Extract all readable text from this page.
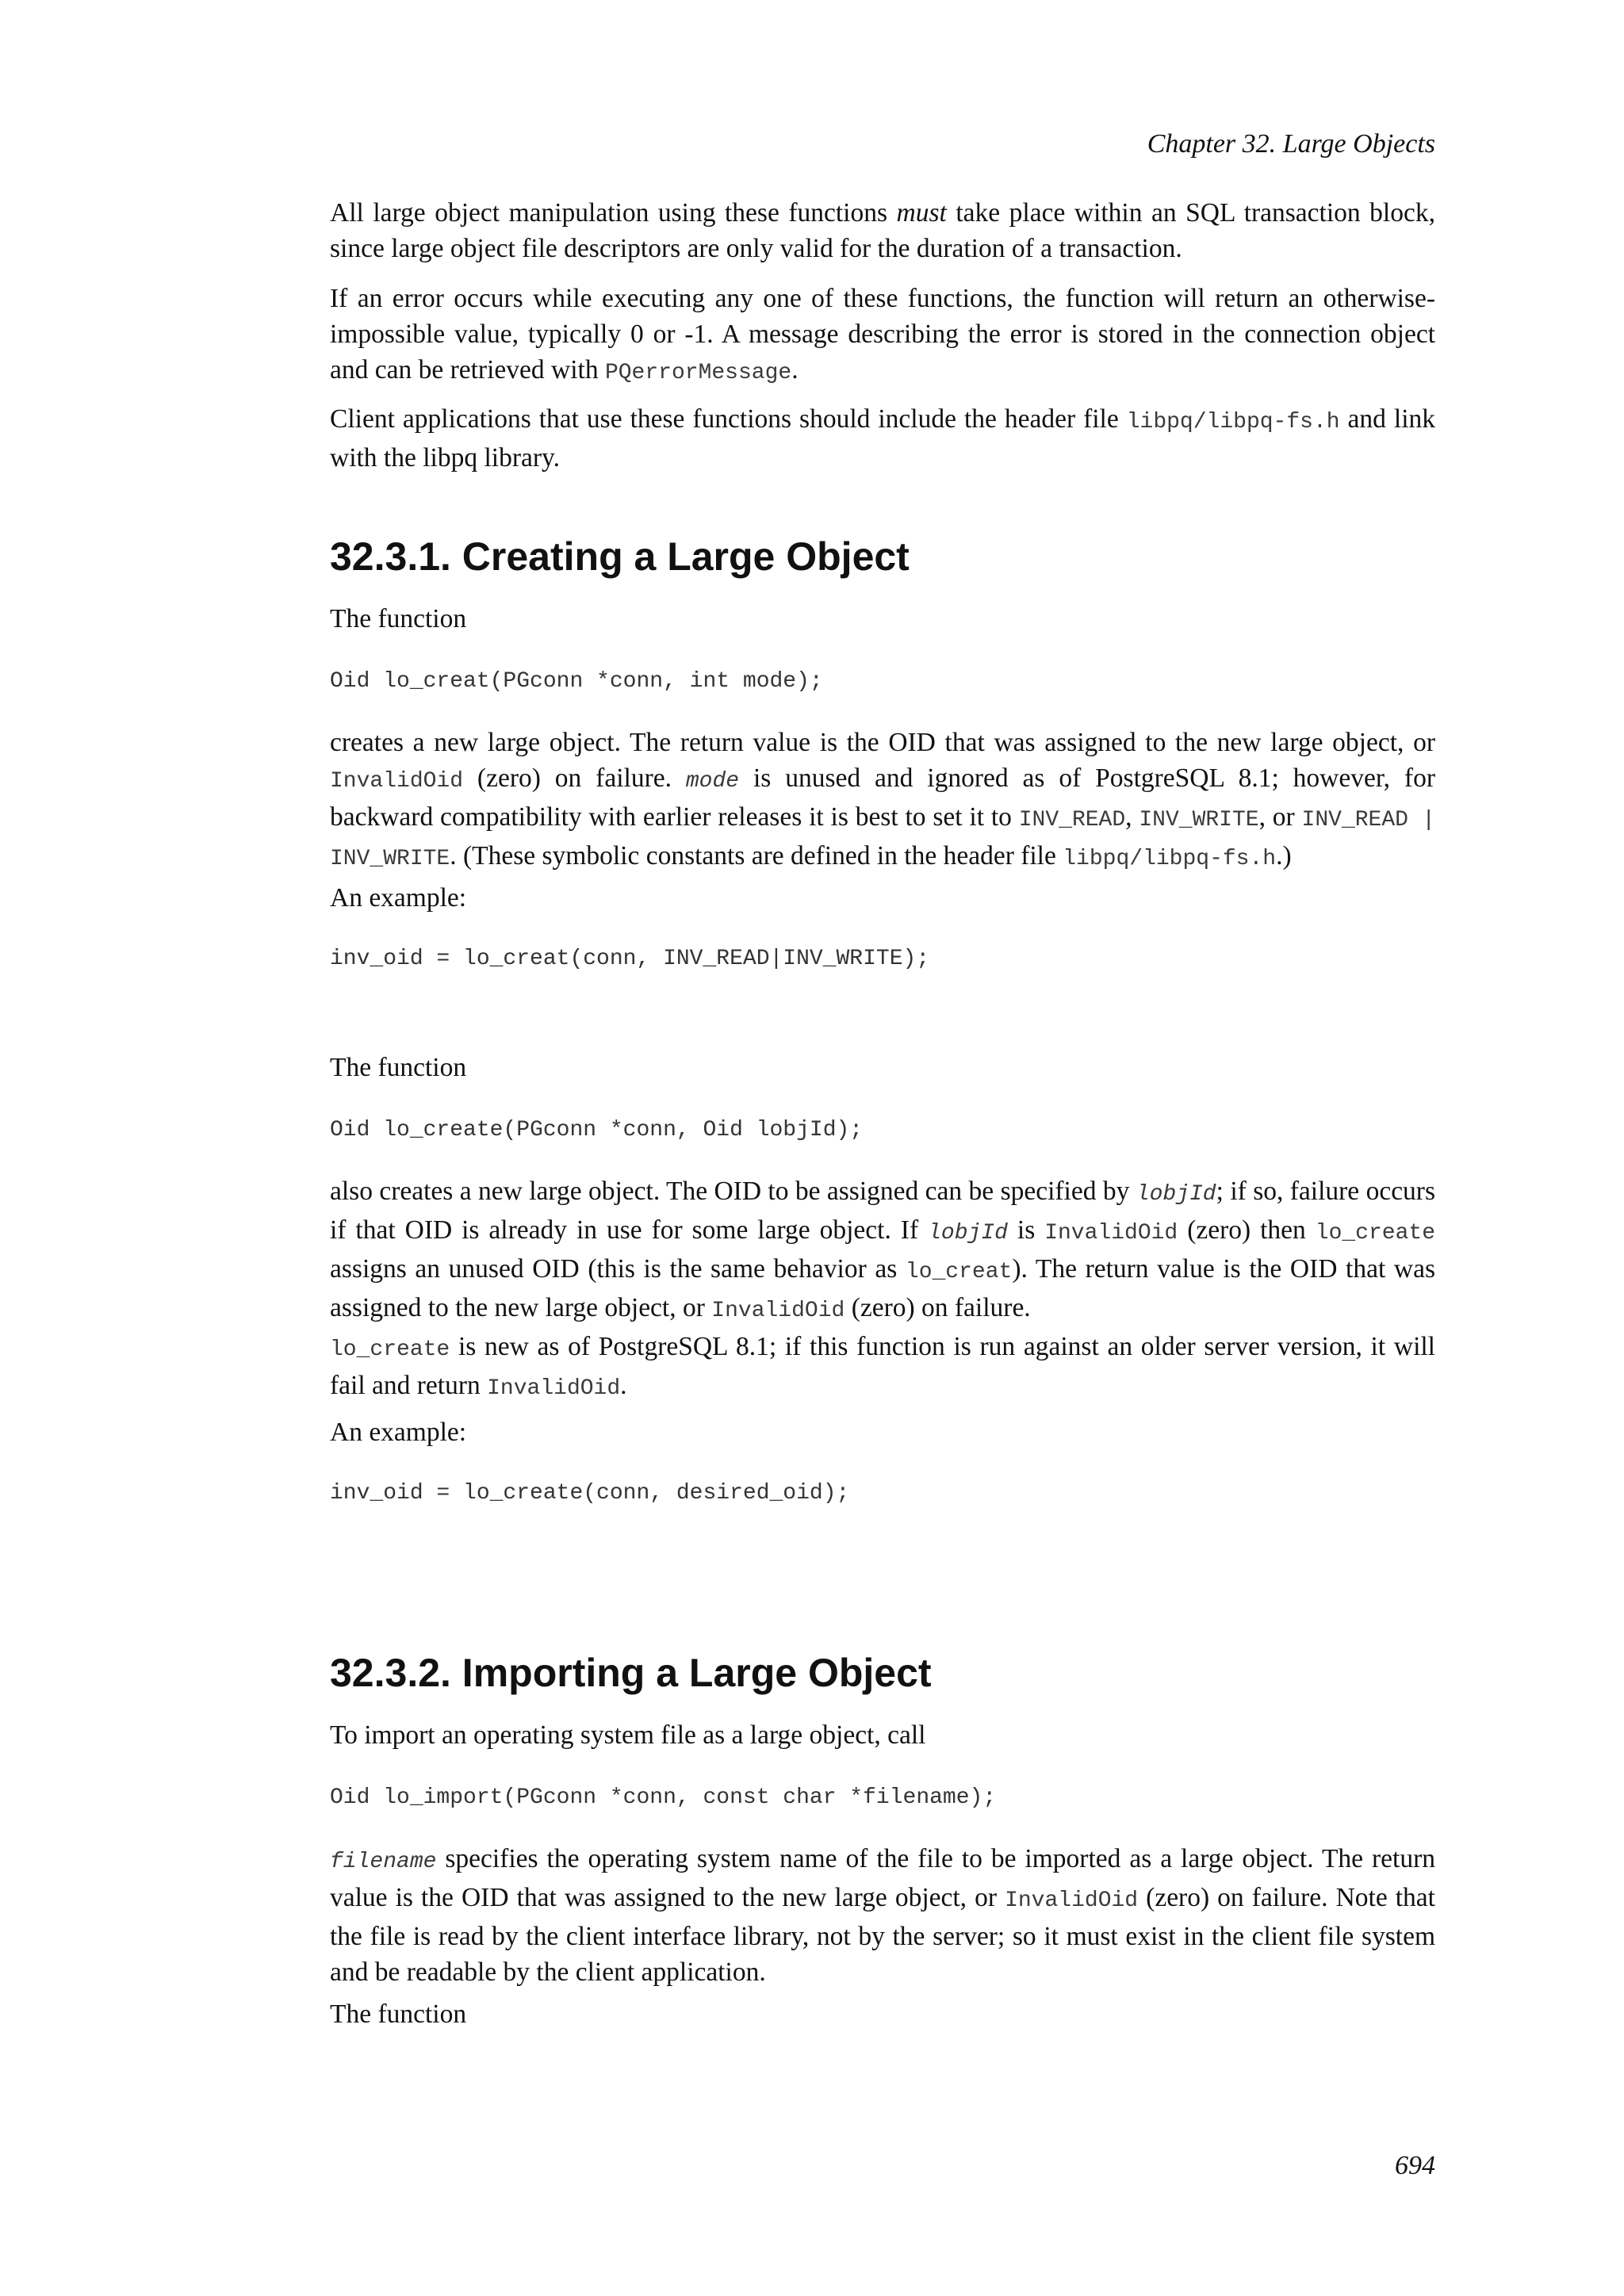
Chapter 32. Large Objects

All large object manipulation using these functions must take place within an SQL transaction block, since large object file descriptors are only valid for the duration of a transaction.

If an error occurs while executing any one of these functions, the function will return an otherwise-impossible value, typically 0 or -1. A message describing the error is stored in the connection object and can be retrieved with PQerrorMessage.

Client applications that use these functions should include the header file libpq/libpq-fs.h and link with the libpq library.

32.3.1. Creating a Large Object

The function

Oid lo_creat(PGconn *conn, int mode);

creates a new large object. The return value is the OID that was assigned to the new large object, or InvalidOid (zero) on failure. mode is unused and ignored as of PostgreSQL 8.1; however, for backward compatibility with earlier releases it is best to set it to INV_READ, INV_WRITE, or INV_READ | INV_WRITE. (These symbolic constants are defined in the header file libpq/libpq-fs.h.)

An example:

inv_oid = lo_creat(conn, INV_READ|INV_WRITE);

The function

Oid lo_create(PGconn *conn, Oid lobjId);

also creates a new large object. The OID to be assigned can be specified by lobjId; if so, failure occurs if that OID is already in use for some large object. If lobjId is InvalidOid (zero) then lo_create assigns an unused OID (this is the same behavior as lo_creat). The return value is the OID that was assigned to the new large object, or InvalidOid (zero) on failure.

lo_create is new as of PostgreSQL 8.1; if this function is run against an older server version, it will fail and return InvalidOid.

An example:

inv_oid = lo_create(conn, desired_oid);
32.3.2. Importing a Large Object

To import an operating system file as a large object, call

Oid lo_import(PGconn *conn, const char *filename);

filename specifies the operating system name of the file to be imported as a large object. The return value is the OID that was assigned to the new large object, or InvalidOid (zero) on failure. Note that the file is read by the client interface library, not by the server; so it must exist in the client file system and be readable by the client application.

The function

694
